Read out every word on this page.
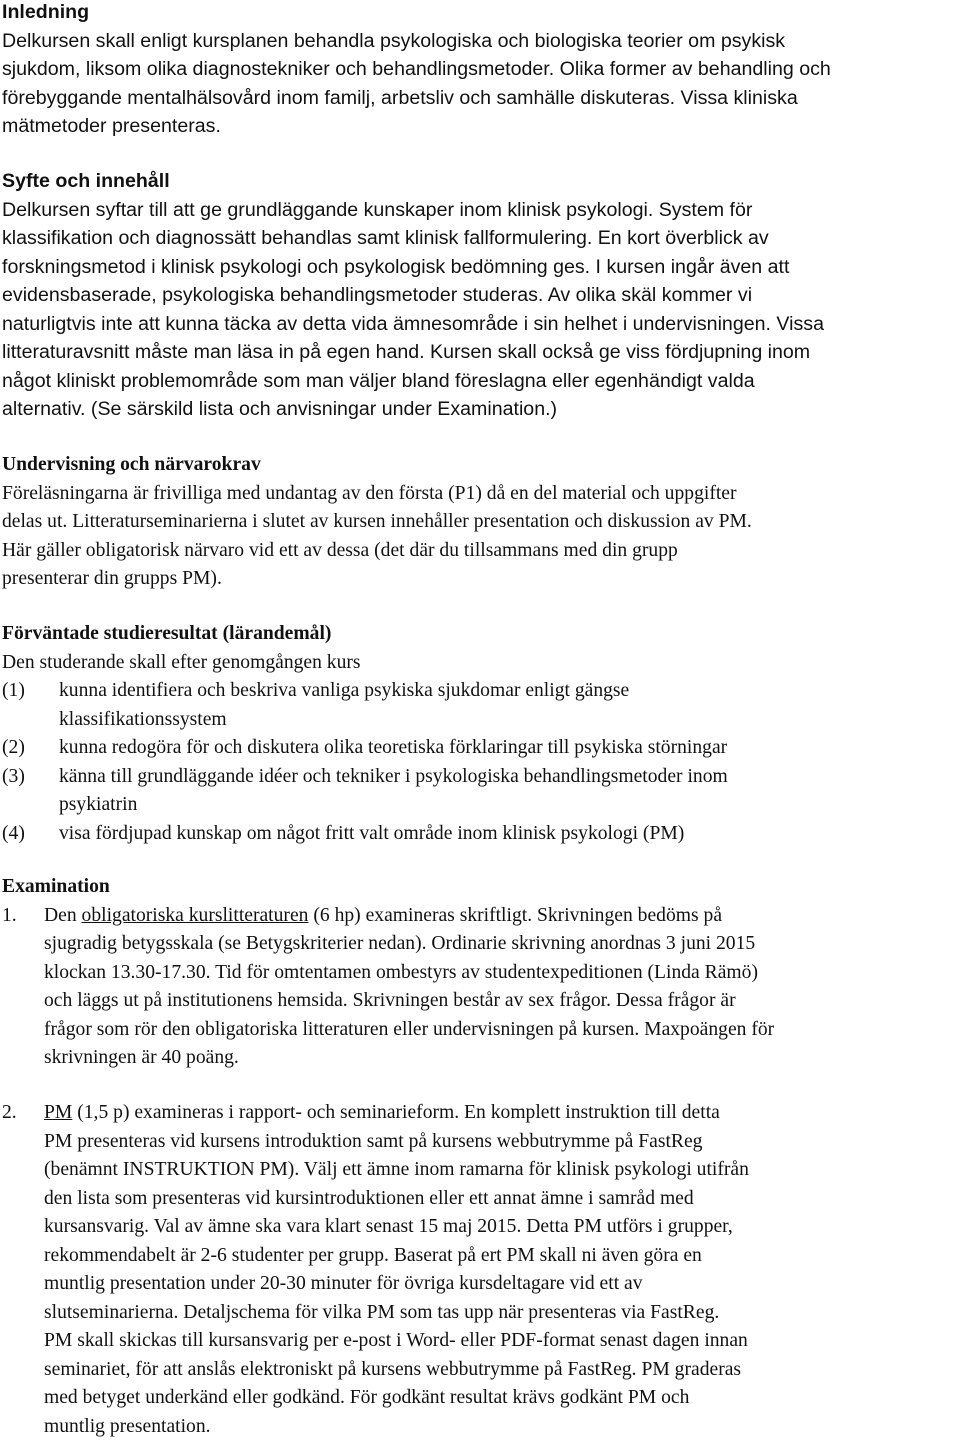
Inledning

Delkursen skall enligt kursplanen behandla psykologiska och biologiska teorier om psykisk
sjukdom, liksom olika diagnostekniker och behandlingsmetoder. Olika former av behandling och
förebyggande mentalhälsovård inom familj, arbetsliv och samhälle diskuteras. Vissa kliniska
mätmetoder presenteras.

Syfte och innehåll

Delkursen syftar till att ge grundläggande kunskaper inom klinisk psykologi. System för
klassifikation och diagnossätt behandlas samt klinisk fallformulering. En kort överblick av
forskningsmetod i klinisk psykologi och psykologisk bedömning ges. I kursen ingår även att
evidensbaserade, psykologiska behandlingsmetoder studeras. Av olika skäl kommer vi
naturligtvis inte att kunna täcka av detta vida ämnesområde i sin helhet i undervisningen. Vissa
litteraturavsnitt måste man läsa in på egen hand. Kursen skall också ge viss fördjupning inom
något kliniskt problemområde som man väljer bland föreslagna eller egenhändigt valda
alternativ. (Se särskild lista och anvisningar under Examination.)

Undervisning och närvarokrav

Föreläsningarna är frivilliga med undantag av den första (P1) då en del material och uppgifter
delas ut. Litteraturseminarierna i slutet av kursen innehåller presentation och diskussion av PM.
Här gäller obligatorisk närvaro vid ett av dessa (det där du tillsammans med din grupp
presenterar din grupps PM).

Förväntade studieresultat (lärandemål)

Den studerande skall efter genomgången kurs

(1) kunna identifiera och beskriva vanliga psykiska sjukdomar enligt gängse
klassifikationssystem
(2) kunna redogöra för och diskutera olika teoretiska förklaringar till psykiska störningar
(3) känna till grundläggande idéer och tekniker i psykologiska behandlingsmetoder inom
psykiatrin
(4) visa fördjupad kunskap om något fritt valt område inom klinisk psykologi (PM)
Examination
1. Den obligatoriska kurslitteraturen (6 hp) examineras skriftligt. Skrivningen bedöms på
sjugradig betygsskala (se Betygskriterier nedan). Ordinarie skrivning anordnas 3 juni 2015
klockan 13.30-17.30. Tid för omtentamen ombestyrs av studentexpeditionen (Linda Rämö)
och läggs ut på institutionens hemsida. Skrivningen består av sex frågor. Dessa frågor är
frågor som rör den obligatoriska litteraturen eller undervisningen på kursen. Maxpoängen för
skrivningen är 40 poäng.
2. PM (1,5 p) examineras i rapport- och seminarieform. En komplett instruktion till detta
PM presenteras vid kursens introduktion samt på kursens webbutrymme på FastReg
(benämnt INSTRUKTION PM). Välj ett ämne inom ramarna för klinisk psykologi utifrån
den lista som presenteras vid kursintroduktionen eller ett annat ämne i samråd med
kursansvarig. Val av ämne ska vara klart senast 15 maj 2015. Detta PM utförs i grupper,
rekommendabelt är 2-6 studenter per grupp. Baserat på ert PM skall ni även göra en
muntlig presentation under 20-30 minuter för övriga kursdeltagare vid ett av
slutseminarierna. Detaljschema för vilka PM som tas upp när presenteras via FastReg.
PM skall skickas till kursansvarig per e-post i Word- eller PDF-format senast dagen innan
seminariet, för att anslås elektroniskt på kursens webbutrymme på FastReg. PM graderas
med betyget underkänd eller godkänd. För godkänt resultat krävs godkänt PM och
muntlig presentation.
